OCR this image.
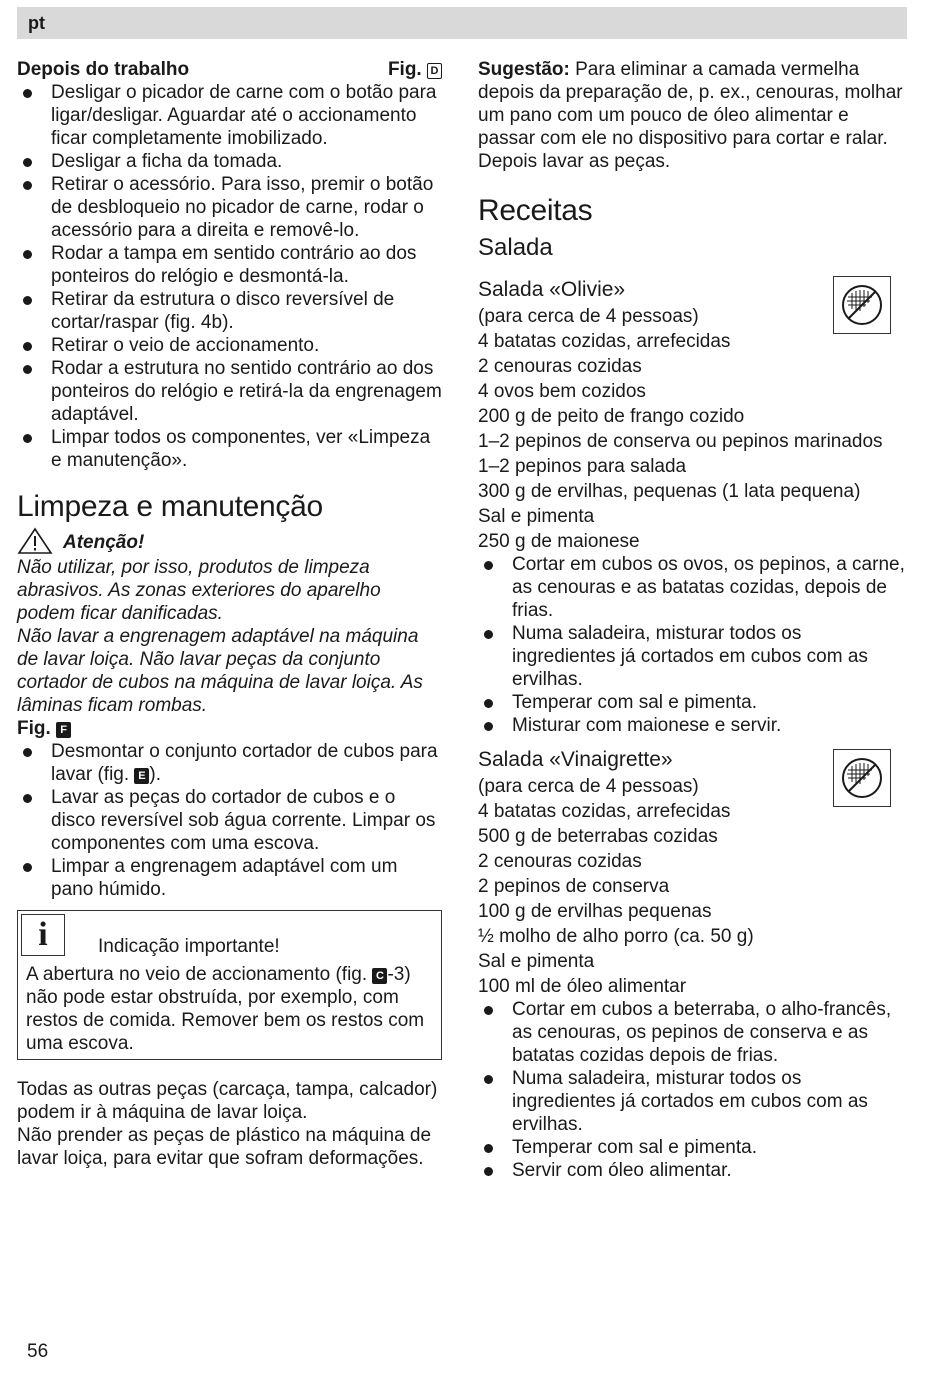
pt
Depois do trabalho	Fig. D
Desligar o picador de carne com o botão para ligar/desligar. Aguardar até o accionamento ficar completamente imobilizado.
Desligar a ficha da tomada.
Retirar o acessório. Para isso, premir o botão de desbloqueio no picador de carne, rodar o acessório para a direita e removê-lo.
Rodar a tampa em sentido contrário ao dos ponteiros do relógio e desmontá-la.
Retirar da estrutura o disco reversível de cortar/raspar (fig. 4b).
Retirar o veio de accionamento.
Rodar a estrutura no sentido contrário ao dos ponteiros do relógio e retirá-la da engrenagem adaptável.
Limpar todos os componentes, ver «Limpeza e manutenção».
Limpeza e manutenção
Atenção!
Não utilizar, por isso, produtos de limpeza abrasivos. As zonas exteriores do aparelho podem ficar danificadas.
Não lavar a engrenagem adaptável na máquina de lavar loiça. Não lavar peças da conjunto cortador de cubos na máquina de lavar loiça. As lâminas ficam rombas.
Fig. F
Desmontar o conjunto cortador de cubos para lavar (fig. E ).
Lavar as peças do cortador de cubos e o disco reversível sob água corrente. Limpar os componentes com uma escova.
Limpar a engrenagem adaptável com um pano húmido.
i	Indicação importante!
A abertura no veio de accionamento (fig. C -3) não pode estar obstruída, por exemplo, com restos de comida. Remover bem os restos com uma escova.
Todas as outras peças (carcaça, tampa, calcador) podem ir à máquina de lavar loiça.
Não prender as peças de plástico na máquina de lavar loiça, para evitar que sofram deformações.
Sugestão: Para eliminar a camada vermelha depois da preparação de, p. ex., cenouras, molhar um pano com um pouco de óleo alimentar e passar com ele no dispositivo para cortar e ralar. Depois lavar as peças.
Receitas
Salada
Salada «Olivie»
(para cerca de 4 pessoas)
4 batatas cozidas, arrefecidas
2 cenouras cozidas
4 ovos bem cozidos
200 g de peito de frango cozido
1–2 pepinos de conserva ou pepinos marinados
1–2 pepinos para salada
300 g de ervilhas, pequenas (1 lata pequena)
Sal e pimenta
250 g de maionese
Cortar em cubos os ovos, os pepinos, a carne, as cenouras e as batatas cozidas, depois de frias.
Numa saladeira, misturar todos os ingredientes já cortados em cubos com as ervilhas.
Temperar com sal e pimenta.
Misturar com maionese e servir.
Salada «Vinaigrette»
(para cerca de 4 pessoas)
4 batatas cozidas, arrefecidas
500 g de beterrabas cozidas
2 cenouras cozidas
2 pepinos de conserva
100 g de ervilhas pequenas
½ molho de alho porro (ca. 50 g)
Sal e pimenta
100 ml de óleo alimentar
Cortar em cubos a beterraba, o alho-francês, as cenouras, os pepinos de conserva e as batatas cozidas depois de frias.
Numa saladeira, misturar todos os ingredientes já cortados em cubos com as ervilhas.
Temperar com sal e pimenta.
Servir com óleo alimentar.
56
